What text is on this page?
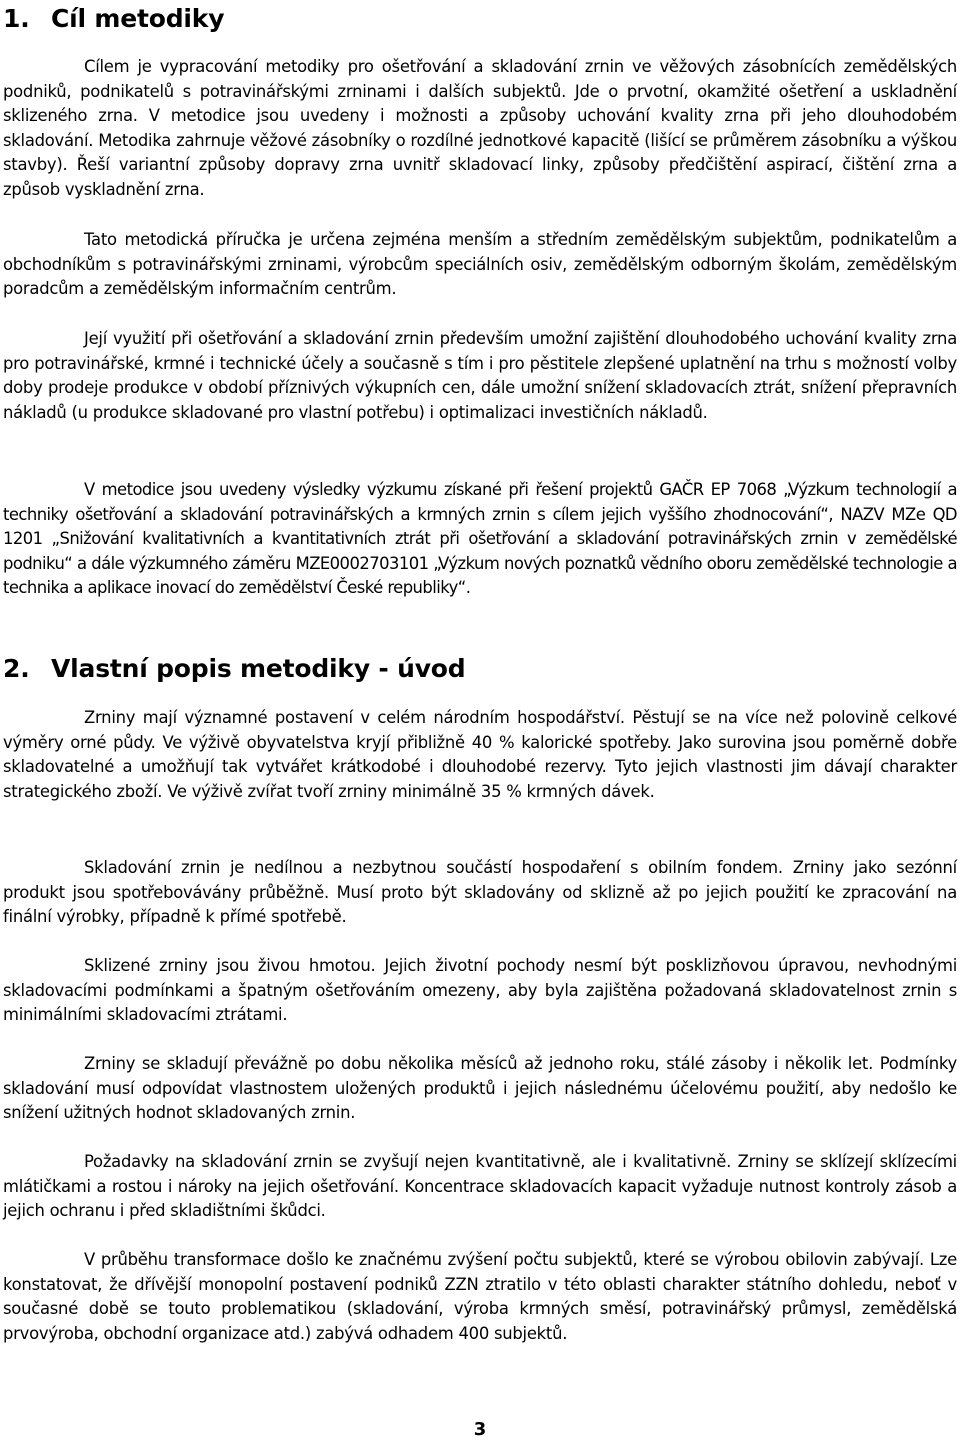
1. Cíl metodiky

Cílem je vypracování metodiky pro ošetřování a skladování zrnin ve věžových zásobnících zemědělských podniků, podnikatelů s potravinářskými zrninami i dalších subjektů. Jde o prvotní, okamžité ošetření a uskladnění sklizeného zrna. V metodice jsou uvedeny i možnosti a způsoby uchování kvality zrna při jeho dlouhodobém skladování. Metodika zahrnuje věžové zásobníky o rozdílné jednotkové kapacitě (lišící se průměrem zásobníku a výškou stavby). Řeší variantní způsoby dopravy zrna uvnitř skladovací linky, způsoby předčištění aspirací, čištění zrna a způsob vyskladnění zrna.

Tato metodická příručka je určena zejména menším a středním zemědělským subjektům, podnikatelům a obchodníkům s potravinářskými zrninami, výrobcům speciálních osiv, zemědělským odborným školám, zemědělským poradcům a zemědělským informačním centrům.

Její využití při ošetřování a skladování zrnin především umožní zajištění dlouhodobého uchování kvality zrna pro potravinářské, krmné i technické účely a současně s tím i pro pěstitele zlepšené uplatnění na trhu s možností volby doby prodeje produkce v období příznivých výkupních cen, dále umožní snížení skladovacích ztrát, snížení přepravních nákladů (u produkce skladované pro vlastní potřebu) i optimalizaci investičních nákladů.

V metodice jsou uvedeny výsledky výzkumu získané při řešení projektů GAČR EP 7068 „Výzkum technologií a techniky ošetřování a skladování potravinářských a krmných zrnin s cílem jejich vyššího zhodnocování“, NAZV MZe QD 1201 „Snižování kvalitativních a kvantitativních ztrát při ošetřování a skladování potravinářských zrnin v zemědělské podniku“ a dále výzkumného záměru MZE0002703101 „Výzkum nových poznatků vědního oboru zemědělské technologie a technika a aplikace inovací do zemědělství České republiky“.

2. Vlastní popis metodiky - úvod

Zrniny mají významné postavení v celém národním hospodářství. Pěstují se na více než polovině celkové výměry orné půdy. Ve výživě obyvatelstva kryjí přibližně 40 % kalorické spotřeby. Jako surovina jsou poměrně dobře skladovatelné a umožňují tak vytvářet krátkodobé i dlouhodobé rezervy. Tyto jejich vlastnosti jim dávají charakter strategického zboží. Ve výživě zvířat tvoří zrniny minimálně 35 % krmných dávek.

Skladování zrnin je nedílnou a nezbytnou součástí hospodaření s obilním fondem. Zrniny jako sezónní produkt jsou spotřebovávány průběžně. Musí proto být skladovány od sklizně až po jejich použití ke zpracování na finální výrobky, případně k přímé spotřebě.

Sklizené zrniny jsou živou hmotou. Jejich životní pochody nesmí být posklizňovou úpravou, nevhodnými skladovacími podmínkami a špatným ošetřováním omezeny, aby byla zajištěna požadovaná skladovatelnost zrnin s minimálními skladovacími ztrátami.

Zrniny se skladují převážně po dobu několika měsíců až jednoho roku, stálé zásoby i několik let. Podmínky skladování musí odpovídat vlastnostem uložených produktů i jejich následnému účelovému použití, aby nedošlo ke snížení užitných hodnot skladovaných zrnin.

Požadavky na skladování zrnin se zvyšují nejen kvantitativně, ale i kvalitativně. Zrniny se sklízejí sklízecími mlátičkami a rostou i nároky na jejich ošetřování. Koncentrace skladovacích kapacit vyžaduje nutnost kontroly zásob a jejich ochranu i před skladištními škůdci.

V průběhu transformace došlo ke značnému zvýšení počtu subjektů, které se výrobou obilovin zabývají. Lze konstatovat, že dřívější monopolní postavení podniků ZZN ztratilo v této oblasti charakter státního dohledu, neboť v současné době se touto problematikou (skladování, výroba krmných směsí, potravinářský průmysl, zemědělská prvovýroba, obchodní organizace atd.) zabývá odhadem 400 subjektů.

3
